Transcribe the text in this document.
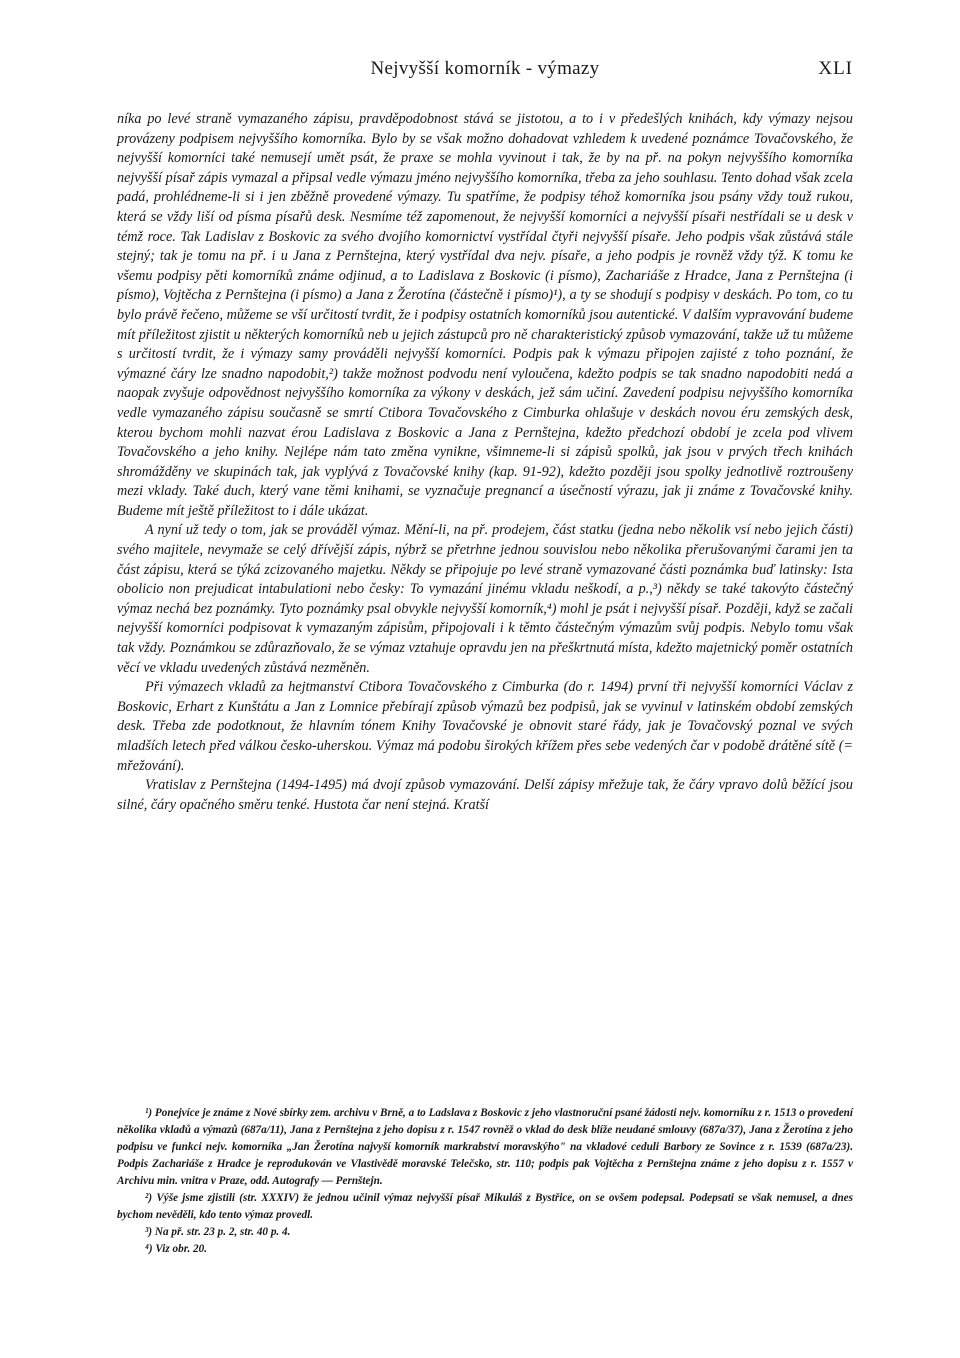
Nejvyšší komorník - výmazy	XLI

níka po levé straně vymazaného zápisu, pravděpodobnost stává se jistotou, a to i v předešlých knihách, kdy výmazy nejsou provázeny podpisem nejvyššího komorníka. Bylo by se však možno dohadovat vzhledem k uvedené poznámce Tovačovského, že nejvyšší komorníci také nemusejí umět psát, že praxe se mohla vyvinout i tak, že by na př. na pokyn nejvyššího komorníka nejvyšší písař zápis vymazal a připsal vedle výmazu jméno nejvyššího komorníka, třeba za jeho souhlasu. Tento dohad však zcela padá, prohlédneme-li si i jen zběžně provedené výmazy. Tu spatříme, že podpisy téhož komorníka jsou psány vždy touž rukou, která se vždy liší od písma písařů desk. Nesmíme též zapomenout, že nejvyšší komorníci a nejvyšší písaři nestřídali se u desk v témž roce. Tak Ladislav z Boskovic za svého dvojího komornictví vystřídal čtyři nejvyšší písaře. Jeho podpis však zůstává stále stejný; tak je tomu na př. i u Jana z Pernštejna, který vystřídal dva nejv. písaře, a jeho podpis je rovněž vždy týž. K tomu ke všemu podpisy pěti komorníků známe odjinud, a to Ladislava z Boskovic (i písmo), Zachariáše z Hradce, Jana z Pernštejna (i písmo), Vojtěcha z Pernštejna (i písmo) a Jana z Žerotína (částečně i písmo)¹), a ty se shodují s podpisy v deskách. Po tom, co tu bylo právě řečeno, můžeme se vší určitostí tvrdit, že i podpisy ostatních komorníků jsou autentické. V dalším vypravování budeme mít příležitost zjistit u některých komorníků neb u jejich zástupců pro ně charakteristický způsob vymazování, takže už tu můžeme s určitostí tvrdit, že i výmazy samy prováděli nejvyšší komorníci. Podpis pak k výmazu připojen zajisté z toho poznání, že výmazné čáry lze snadno napodobit,²) takže možnost podvodu není vyloučena, kdežto podpis se tak snadno napodobiti nedá a naopak zvyšuje odpovědnost nejvyššího komorníka za výkony v deskách, jež sám učiní. Zavedení podpisu nejvyššího komorníka vedle vymazaného zápisu současně se smrtí Ctibora Tovačovského z Cimburka ohlašuje v deskách novou éru zemských desk, kterou bychom mohli nazvat érou Ladislava z Boskovic a Jana z Pernštejna, kdežto předchozí období je zcela pod vlivem Tovačovského a jeho knihy. Nejlépe nám tato změna vynikne, všimneme-li si zápisů spolků, jak jsou v prvých třech knihách shromážděny ve skupinách tak, jak vyplývá z Tovačovské knihy (kap. 91-92), kdežto později jsou spolky jednotlivě roztroušeny mezi vklady. Také duch, který vane těmi knihami, se vyznačuje pregnancí a úsečností výrazu, jak ji známe z Tovačovské knihy. Budeme mít ještě příležitost to i dále ukázat.

A nyní už tedy o tom, jak se prováděl výmaz. Mění-li, na př. prodejem, část statku (jedna nebo několik vsí nebo jejich části) svého majitele, nevymaže se celý dřívější zápis, nýbrž se přetrhne jednou souvislou nebo několika přerušovanými čarami jen ta část zápisu, která se týká zcizovaného majetku. Někdy se připojuje po levé straně vymazované části poznámka buď latinsky: Ista obolicio non prejudicat intabulationi nebo česky: To vymazání jinému vkladu neškodí, a p.,³) někdy se také takovýto částečný výmaz nechá bez poznámky. Tyto poznámky psal obvykle nejvyšší komorník,⁴) mohl je psát i nejvyšší písař. Později, když se začali nejvyšší komorníci podpisovat k vymazaným zápisům, připojovali i k těmto částečným výmazům svůj podpis. Nebylo tomu však tak vždy. Poznámkou se zdůrazňovalo, že se výmaz vztahuje opravdu jen na přeškrtnutá místa, kdežto majetnický poměr ostatních věcí ve vkladu uvedených zůstává nezměněn.

Při výmazech vkladů za hejtmanství Ctibora Tovačovského z Cimburka (do r. 1494) první tři nejvyšší komorníci Václav z Boskovic, Erhart z Kunštátu a Jan z Lomnice přebírají způsob výmazů bez podpisů, jak se vyvinul v latinském období zemských desk. Třeba zde podotknout, že hlavním tónem Knihy Tovačovské je obnovit staré řády, jak je Tovačovský poznal ve svých mladších letech před válkou česko-uherskou. Výmaz má podobu širokých křížem přes sebe vedených čar v podobě drátěné sítě (= mřežování).

Vratislav z Pernštejna (1494-1495) má dvojí způsob vymazování. Delší zápisy mřežuje tak, že čáry vpravo dolů běžící jsou silné, čáry opačného směru tenké. Hustota čar není stejná. Kratší

¹) Ponejvíce je známe z Nové sbírky zem. archivu v Brně, a to Ladslava z Boskovic z jeho vlastnoruční psané žádosti nejv. komorníku z r. 1513 o provedení několika vkladů a výmazů (687a/11), Jana z Pernštejna z jeho dopisu z r. 1547 rovněž o vklad do desk blíže neudané smlouvy (687a/37), Jana z Žerotína z jeho podpisu ve funkci nejv. komorníka „Jan Žerotína najvyší komorník markrabství moravskýho" na vkladové ceduli Barbory ze Sovince z r. 1539 (687a/23). Podpis Zachariáše z Hradce je reprodukován ve Vlastivědě moravské Telečsko, str. 110; podpis pak Vojtěcha z Pernštejna známe z jeho dopisu z r. 1557 v Archivu min. vnitra v Praze, odd. Autografy — Pernštejn.

²) Výše jsme zjistili (str. XXXIV) že jednou učinil výmaz nejvyšší písař Mikuláš z Bystřice, on se ovšem podepsal. Podepsati se však nemusel, a dnes bychom nevěděli, kdo tento výmaz provedl.

³) Na př. str. 23 p. 2, str. 40 p. 4.

⁴) Viz obr. 20.
